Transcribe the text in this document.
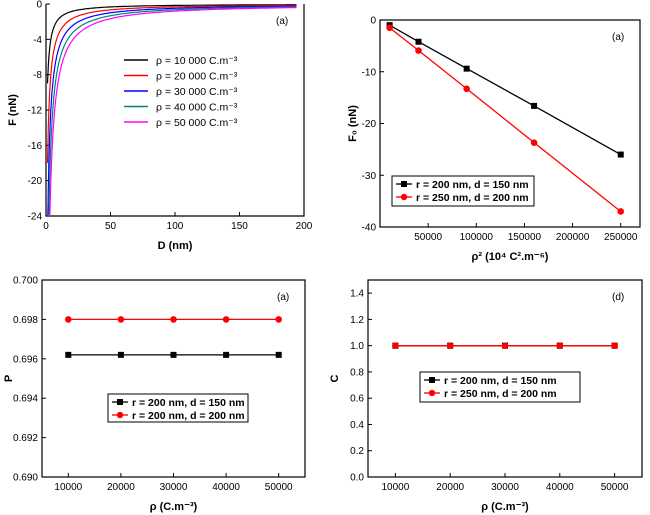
0	50	100	150	200
0
-4
-8
-12
-16
-20
-24
D (nm)
F (nN)
(a)
ρ = 10 000 C.m⁻³
ρ = 20 000 C.m⁻³
ρ = 30 000 C.m⁻³
ρ = 40 000 C.m⁻³
ρ = 50 000 C.m⁻³
50000 100000 150000 200000 250000
0
-10
-20
-30
-40
ρ² (10⁴ C².m⁻⁶)
F₀ (nN)
(a)
r = 200 nm, d = 150 nm
r = 250 nm, d = 200 nm
10000 20000 30000 40000 50000
0.690
0.692
0.694
0.696
0.698
0.700
ρ (C.m⁻³)
P
(a)
r = 200 nm, d = 150 nm
r = 200 nm, d = 200 nm
10000	20000	30000	40000	50000
0.0
0.2
0.4
0.6
0.8
1.0
1.2
1.4
ρ (C.m⁻³)
C
(d)
r = 200 nm, d = 150 nm
r = 250 nm, d = 200 nm
